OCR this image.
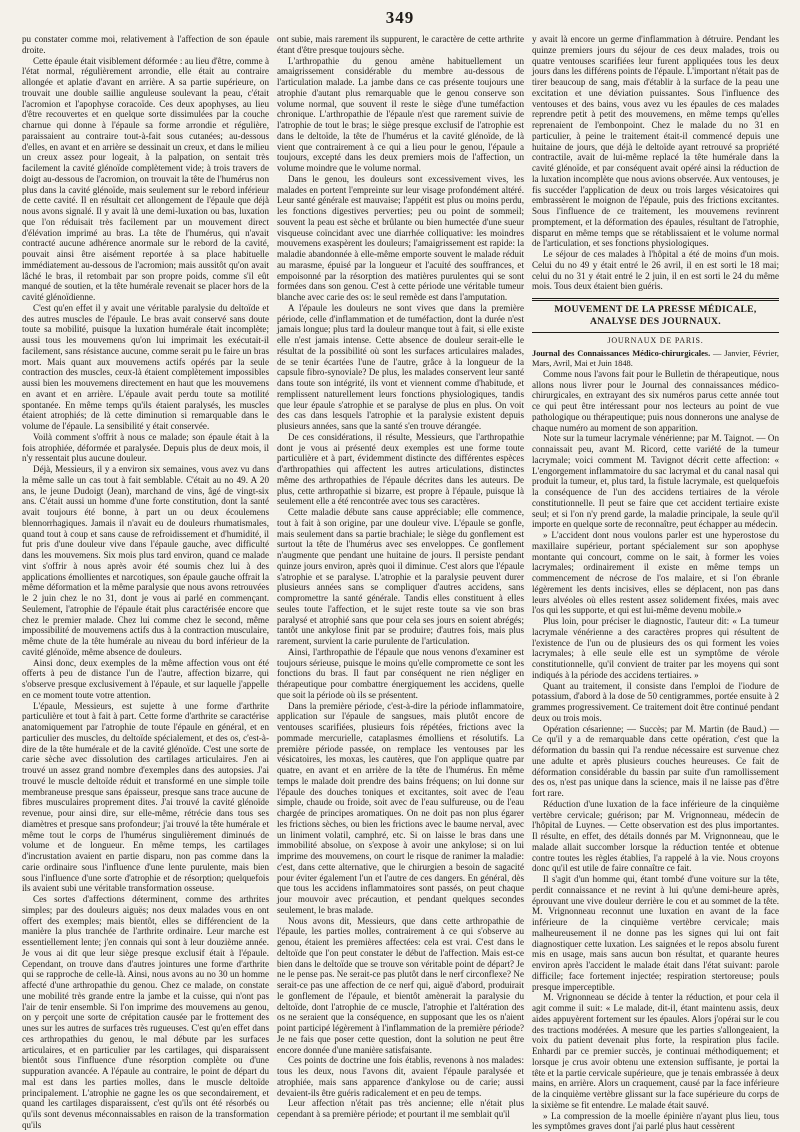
349

pu constater comme moi, relativement à l'affection de son épaule droite.

Cette épaule était visiblement déformée : au lieu d'être, comme à l'état normal, régulièrement arrondie, elle était au contraire allongée et aplatie d'avant en arrière. A sa partie supérieure, on trouvait une double saillie anguleuse soulevant la peau, c'était l'acromion et l'apophyse coracoïde. Ces deux apophyses, au lieu d'être recouvertes et en quelque sorte dissimulées par la couche charnue qui donne à l'épaule sa forme arrondie et régulière, paraissaient au contraire tout-à-fait sous cutanées; au-dessous d'elles, en avant et en arrière se dessinait un creux, et dans le milieu un creux assez pour logeait, à la palpation, on sentait très facilement la cavité glénoïde complètement vide; à trois travers de doigt au-dessous de l'acromion, on trouvait la tête de l'humérus non plus dans la cavité glénoïde, mais seulement sur le rebord inférieur de cette cavité. Il en résultait cet allongement de l'épaule que déjà nous avons signalé. Il y avait là une demi-luxation ou bas, luxation que l'on réduisait très facilement par un mouvement direct d'élévation imprimé au bras. La tête de l'humérus, qui n'avait contracté aucune adhérence anormale sur le rebord de la cavité, pouvait ainsi être aisément reportée à sa place habituelle immédiatement au-dessous de l'acromion; mais aussitôt qu'on avait lâché le bras, il retombait par son propre poids, comme s'il eût manqué de soutien, et la tête humérale revenait se placer hors de la cavité glénoïdienne.

C'est qu'en effet il y avait une véritable paralysie du deltoïde et des autres muscles de l'épaule. Le bras avait conservé sans doute toute sa mobilité, puisque la luxation humérale était incomplète; aussi tous les mouvemens qu'on lui imprimait les exécutait-il facilement, sans résistance aucune, comme serait pu le faire un bras mort. Mais quant aux mouvemens actifs opérés par la seule contraction des muscles, ceux-là étaient complètement impossibles aussi bien les mouvemens directement en haut que les mouvemens en avant et en arrière. L'épaule avait perdu toute sa motilité spontanée. En même temps qu'ils étaient paralysés, les muscles étaient atrophiés; de là cette diminution si remarquable dans le volume de l'épaule. La sensibilité y était conservée.

Voilà comment s'offrit à nous ce malade; son épaule était à la fois atrophiée, déformée et paralysée. Depuis plus de deux mois, il n'y ressentait plus aucune douleur.

Déjà, Messieurs, il y a environ six semaines, vous avez vu dans la même salle un cas tout à fait semblable. C'était au no 49. A 20 ans, le jeune Dudoigt (Jean), marchand de vins, âgé de vingt-six ans. C'était aussi un homme d'une forte constitution, dont la santé avait toujours été bonne, à part un ou deux écoulemens blennorrhagiques. Jamais il n'avait eu de douleurs rhumatismales, quand tout à coup et sans cause de refroidissement et d'humidité, il fut pris d'une douleur vive dans l'épaule gauche, avec difficulté dans les mouvemens. Six mois plus tard environ, quand ce malade vint s'offrir à nous après avoir été soumis chez lui à des applications émollientes et narcotiques, son épaule gauche offrait la même déformation et la même paralysie que nous avons retrouvées le 2 juin chez le no 31, dont je vous ai parlé en commençant. Seulement, l'atrophie de l'épaule était plus caractérisée encore que chez le premier malade. Chez lui comme chez le second, même impossibilité de mouvemens actifs dus à la contraction musculaire, même chute de la tête humérale au niveau du bord inférieur de la cavité glénoïde, même absence de douleurs.

Ainsi donc, deux exemples de la même affection vous ont été offerts à peu de distance l'un de l'autre, affection bizarre, qui s'observe presque exclusivement à l'épaule, et sur laquelle j'appelle en ce moment toute votre attention.

L'épaule, Messieurs, est sujette à une forme d'arthrite particulière et tout à fait à part. Cette forme d'arthrite se caractérise anatomiquement par l'atrophie de toute l'épaule en général, et en particulier des muscles, du deltoïde spécialement, et des os, c'est-à-dire de la tête humérale et de la cavité glénoïde. C'est une sorte de carie sèche avec dissolution des cartilages articulaires. J'en ai trouvé un assez grand nombre d'exemples dans des autopsies. J'ai trouvé le muscle deltoïde réduit et transformé en une simple toile membraneuse presque sans épaisseur, presque sans trace aucune de fibres musculaires proprement dites. J'ai trouvé la cavité glénoïde revenue, pour ainsi dire, sur elle-même, rétrécie dans tous ses diamètres et presque sans profondeur; j'ai trouvé la tête humérale et même tout le corps de l'humérus singulièrement diminués de volume et de longueur. En même temps, les cartilages d'incrustation avaient en partie disparu, non pas comme dans la carie ordinaire sous l'influence d'une lente purulente, mais bien sous l'influence d'une sorte d'atrophie et de résorption; quelquefois ils avaient subi une véritable transformation osseuse.

Ces sortes d'affections déterminent, comme des arthrites simples; par des douleurs aiguës; nos deux malades vous en ont offert des exemples; mais bientôt, elles se différencient de la manière la plus tranchée de l'arthrite ordinaire. Leur marche est essentiellement lente; j'en connais qui sont à leur douzième année. Je vous ai dit que leur siège presque exclusif était à l'épaule. Cependant, on trouve dans d'autres jointures une forme d'arthrite qui se rapproche de celle-là. Ainsi, nous avons au no 30 un homme affecté d'une arthropathie du genou. Chez ce malade, on constate une mobilité très grande entre la jambe et la cuisse, qui n'ont pas l'air de tenir ensemble. Si l'on imprime des mouvemens au genou, on y perçoit une sorte de crépitation causée par le frottement des unes sur les autres de surfaces très rugueuses. C'est qu'en effet dans ces arthropathies du genou, le mal débute par les surfaces articulaires, et en particulier par les cartilages, qui disparaissent bientôt sous l'influence d'une résorption complète ou d'une suppuration avancée. A l'épaule au contraire, le point de départ du mal est dans les parties molles, dans le muscle deltoïde principalement. L'atrophie ne gagne les os que secondairement, et quand les cartilages disparaissent, c'est qu'ils ont été résorbés ou qu'ils sont devenus méconnaissables en raison de la transformation qu'ils

ont subie, mais rarement ils suppurent, le caractère de cette arthrite étant d'être presque toujours sèche.

L'arthropathie du genou amène habituellement un amaigrissement considérable du membre au-dessous de l'articulation malade. La jambe dans ce cas présente toujours une atrophie d'autant plus remarquable que le genou conserve son volume normal, que souvent il reste le siège d'une tuméfaction chronique. L'arthropathie de l'épaule n'est que rarement suivie de l'atrophie de tout le bras; le siège presque exclusif de l'atrophie est dans le deltoïde, la tête de l'humérus et la cavité glénoïde, de là vient que contrairement à ce qui a lieu pour le genou, l'épaule a toujours, excepté dans les deux premiers mois de l'affection, un volume moindre que le volume normal.

Dans le genou, les douleurs sont excessivement vives, les malades en portent l'empreinte sur leur visage profondément altéré. Leur santé générale est mauvaise; l'appétit est plus ou moins perdu, les fonctions digestives perverties; peu ou point de sommeil; souvent la peau est sèche et brûlante ou bien humectée d'une sueur visqueuse coïncidant avec une diarrhée colliquative: les moindres mouvemens exaspèrent les douleurs; l'amaigrissement est rapide: la maladie abandonnée à elle-même emporte souvent le malade réduit au marasme, épuisé par la longueur et l'acuité des souffrances, et empoisonné par la résorption des matières purulentes qui se sont formées dans son genou. C'est à cette période une véritable tumeur blanche avec carie des os: le seul remède est dans l'amputation.

A l'épaule les douleurs ne sont vives que dans la première période, celle d'inflammation et de tuméfaction, dont la durée n'est jamais longue; plus tard la douleur manque tout à fait, si elle existe elle n'est jamais intense. Cette absence de douleur serait-elle le résultat de la possibilité où sont les surfaces articulaires malades, de se tenir écartées l'une de l'autre, grâce à la longueur de la capsule fibro-synoviale? De plus, les malades conservent leur santé dans toute son intégrité, ils vont et viennent comme d'habitude, et remplissent naturellement leurs fonctions physiologiques, tandis que leur épaule s'atrophie et se paralyse de plus en plus. On voit des cas dans lesquels l'atrophie et la paralysie existent depuis plusieurs années, sans que la santé s'en trouve dérangée.

De ces considérations, il résulte, Messieurs, que l'arthropathie dont je vous ai présenté deux exemples est une forme toute particulière et à part, évidemment distincte des différentes espèces d'arthropathies qui affectent les autres articulations, distinctes même des arthropathies de l'épaule décrites dans les auteurs. De plus, cette arthropathie si bizarre, est propre à l'épaule, puisque là seulement elle a été rencontrée avec tous ses caractères.

Cette maladie débute sans cause appréciable; elle commence, tout à fait à son origine, par une douleur vive. L'épaule se gonfle, mais seulement dans sa partie brachiale; le siège du gonflement est surtout la tête de l'humérus avec ses enveloppes. Ce gonflement n'augmente que pendant une huitaine de jours. Il persiste pendant quinze jours environ, après quoi il diminue. C'est alors que l'épaule s'atrophie et se paralyse. L'atrophie et la paralysie peuvent durer plusieurs années sans se compliquer d'autres accidens, sans compromettre la santé générale. Tandis elles constituent à elles seules toute l'affection, et le sujet reste toute sa vie son bras paralysé et atrophié sans que pour cela ses jours en soient abrégés; tantôt une ankylose finit par se produire; d'autres fois, mais plus rarement, survient la carie purulente de l'articulation.

Ainsi, l'arthropathie de l'épaule que nous venons d'examiner est toujours sérieuse, puisque le moins qu'elle compromette ce sont les fonctions du bras. Il faut par conséquent ne rien négliger en thérapeutique pour combattre énergiquement les accidens, quelle que soit la période où ils se présentent.

Dans la première période, c'est-à-dire la période inflammatoire, application sur l'épaule de sangsues, mais plutôt encore de ventouses scarifiées, plusieurs fois répétées, frictions avec la pommade mercurielle, cataplasmes émolliens et résolutifs. La première période passée, on remplace les ventouses par les vésicatoires, les moxas, les cautères, que l'on applique quatre par quatre, en avant et en arrière de la tête de l'humérus. En même temps le malade doit prendre des bains fréquens; on lui donne sur l'épaule des douches toniques et excitantes, soit avec de l'eau simple, chaude ou froide, soit avec de l'eau sulfureuse, ou de l'eau chargée de principes aromatiques. On ne doit pas non plus égarer les frictions sèches, ou bien les frictions avec le baume nerval, avec un liniment volatil, camphré, etc. Si on laisse le bras dans une immobilité absolue, on s'expose à avoir une ankylose; si on lui imprime des mouvemens, on court le risque de ranimer la maladie: c'est, dans cette alternative, que le chirurgien a besoin de sagacité pour éviter également l'un et l'autre de ces dangers. En général, dès que tous les accidens inflammatoires sont passés, on peut chaque jour mouvoir avec précaution, et pendant quelques secondes seulement, le bras malade.

Nous avons dit, Messieurs, que dans cette arthropathie de l'épaule, les parties molles, contrairement à ce qui s'observe au genou, étaient les premières affectées: cela est vrai. C'est dans le deltoïde que l'on peut constater le début de l'affection. Mais est-ce bien dans le deltoïde que se trouve son véritable point de départ? Je ne le pense pas. Ne serait-ce pas plutôt dans le nerf circonflexe? Ne serait-ce pas une affection de ce nerf qui, aiguë d'abord, produirait le gonflement de l'épaule, et bientôt amènerait la paralysie du deltoïde, dont l'atrophie de ce muscle, l'atrophie et l'altération des os ne seraient que la conséquence, en supposant que les os n'aient point participé légèrement à l'inflammation de la première période? Je ne fais que poser cette question, dont la solution ne peut être encore donnée d'une manière satisfaisante.

Ces points de doctrine une fois établis, revenons à nos malades: tous les deux, nous l'avons dit, avaient l'épaule paralysée et atrophiée, mais sans apparence d'ankylose ou de carie; aussi devaient-ils être guéris radicalement et en peu de temps.

Leur affection n'était pas très ancienne; elle n'était plus cependant à sa première période; et pourtant il me semblait qu'il

y avait là encore un germe d'inflammation à détruire. Pendant les quinze premiers jours du séjour de ces deux malades, trois ou quatre ventouses scarifiées leur furent appliquées tous les deux jours dans les différens points de l'épaule. L'important n'était pas de tirer beaucoup de sang, mais d'établir à la surface de la peau une excitation et une déviation puissantes. Sous l'influence des ventouses et des bains, vous avez vu les épaules de ces malades reprendre petit à petit des mouvemens, en même temps qu'elles reprenaient de l'embonpoint. Chez le malade du no 31 en particulier, à peine le traitement était-il commencé depuis une huitaine de jours, que déjà le deltoïde ayant retrouvé sa propriété contractile, avait de lui-même replacé la tête humérale dans la cavité glénoïde, et par conséquent avait opéré ainsi la réduction de la luxation incomplète que nous avions observée. Aux ventouses, je fis succéder l'application de deux ou trois larges vésicatoires qui embrassèrent le moignon de l'épaule, puis des frictions excitantes. Sous l'influence de ce traitement, les mouvemens revinrent promptement, et la déformation des épaules, résultant de l'atrophie, disparut en même temps que se rétablissaient et le volume normal de l'articulation, et ses fonctions physiologiques.

Le séjour de ces malades à l'hôpital a été de moins d'un mois. Celui du no 49 y était entré le 26 avril, il en est sorti le 18 mai; celui du no 31 y était entré le 2 juin, il en est sorti le 24 du même mois. Tous deux étaient bien guéris.

MOUVEMENT DE LA PRESSE MÉDICALE, ANALYSE DES JOURNAUX.
JOURNAUX DE PARIS.

Journal des Connaissances Médico-chirurgicales. — Janvier, Février, Mars, Avril, Mai et Juin 1848.

Comme nous l'avons fait pour le Bulletin de thérapeutique, nous allons nous livrer pour le Journal des connaissances médico-chirurgicales, en extrayant des six numéros parus cette année tout ce qui peut être intéressant pour nos lecteurs au point de vue pathologique ou thérapeutique; puis nous donnerons une analyse de chaque numéro au moment de son apparition.

Note sur la tumeur lacrymale vénérienne; par M. Taignot. — On connaissait peu, avant M. Ricord, cette variété de la tumeur lacrymale; voici comment M. Tavignot décrit cette affection: « L'engorgement inflammatoire du sac lacrymal et du canal nasal qui produit la tumeur, et, plus tard, la fistule lacrymale, est quelquefois la conséquence de l'un des accidens tertiaires de la vérole constitutionnelle. Il peut se faire que cet accident tertiaire existe seul; et si l'on n'y prend garde, la maladie principale, la seule qu'il importe en quelque sorte de reconnaître, peut échapper au médecin.

» L'accident dont nous voulons parler est une hyperostose du maxillaire supérieur, portant spécialement sur son apophyse montante qui concourt, comme on le sait, à former les voies lacrymales; ordinairement il existe en même temps un commencement de nécrose de l'os malaire, et si l'on ébranle légèrement les dents incisives, elles se déplacent, non pas dans leurs alvéoles où elles restent assez solidement fixées, mais avec l'os qui les supporte, et qui est lui-même devenu mobile.»

Plus loin, pour préciser le diagnostic, l'auteur dit: « La tumeur lacrymale vénérienne a des caractères propres qui résultent de l'existence de l'un ou de plusieurs des os qui forment les voies lacrymales; à elle seule elle est un symptôme de vérole constitutionnelle, qu'il convient de traiter par les moyens qui sont indiqués à la période des accidens tertiaires. »

Quant au traitement, il consiste dans l'emploi de l'iodure de potassium, d'abord à la dose de 50 centigrammes, portée ensuite à 2 grammes progressivement. Ce traitement doit être continué pendant deux ou trois mois.

Opération césarienne; — Succès; par M. Martin (de Baud.) — Ce qu'il y a de remarquable dans cette opération, c'est que la déformation du bassin qui l'a rendue nécessaire est survenue chez une adulte et après plusieurs couches heureuses. Ce fait de déformation considérable du bassin par suite d'un ramollissement des os, n'est pas unique dans la science, mais il ne laisse pas d'être fort rare.

Réduction d'une luxation de la face inférieure de la cinquième vertèbre cervicale; guérison; par M. Vrignonneau, médecin de l'hôpital de Luynes. — Cette observation est des plus importantes. Il résulte, en effet, des détails donnés par M. Vrignonneau, que le malade allait succomber lorsque la réduction tentée et obtenue contre toutes les règles établies, l'a rappelé à la vie. Nous croyons donc qu'il est utile de faire connaître ce fait.

Il s'agit d'un homme qui, étant tombé d'une voiture sur la tête, perdit connaissance et ne revint à lui qu'une demi-heure après, éprouvant une vive douleur derrière le cou et au sommet de la tête. M. Vrignonneau reconnut une luxation en avant de la face inférieure de la cinquième vertèbre cervicale; mais malheureusement il ne donne pas les signes qui lui ont fait diagnostiquer cette luxation. Les saignées et le repos absolu furent mis en usage, mais sans aucun bon résultat, et quarante heures environ après l'accident le malade était dans l'état suivant: parole difficile; face fortement injectée; respiration stertoreuse; pouls presque imperceptible.

M. Vrignonneau se décide à tenter la réduction, et pour cela il agit comme il suit: « Le malade, dit-il, étant maintenu assis, deux aides appuyèrent fortement sur les épaules. Alors j'opérai sur le cou des tractions modérées. A mesure que les parties s'allongeaient, la voix du patient devenait plus forte, la respiration plus facile. Enhardi par ce premier succès, je continuai méthodiquement; et lorsque je crus avoir obtenu une extension suffisante, je portai la tête et la partie cervicale supérieure, que je tenais embrassée à deux mains, en arrière. Alors un craquement, causé par la face inférieure de la cinquième vertèbre glissant sur la face supérieure du corps de la sixième se fit entendre. Le malade était sauvé.

» La compression de la moelle épinière n'ayant plus lieu, tous les symptômes graves dont j'ai parlé plus haut cessèrent
